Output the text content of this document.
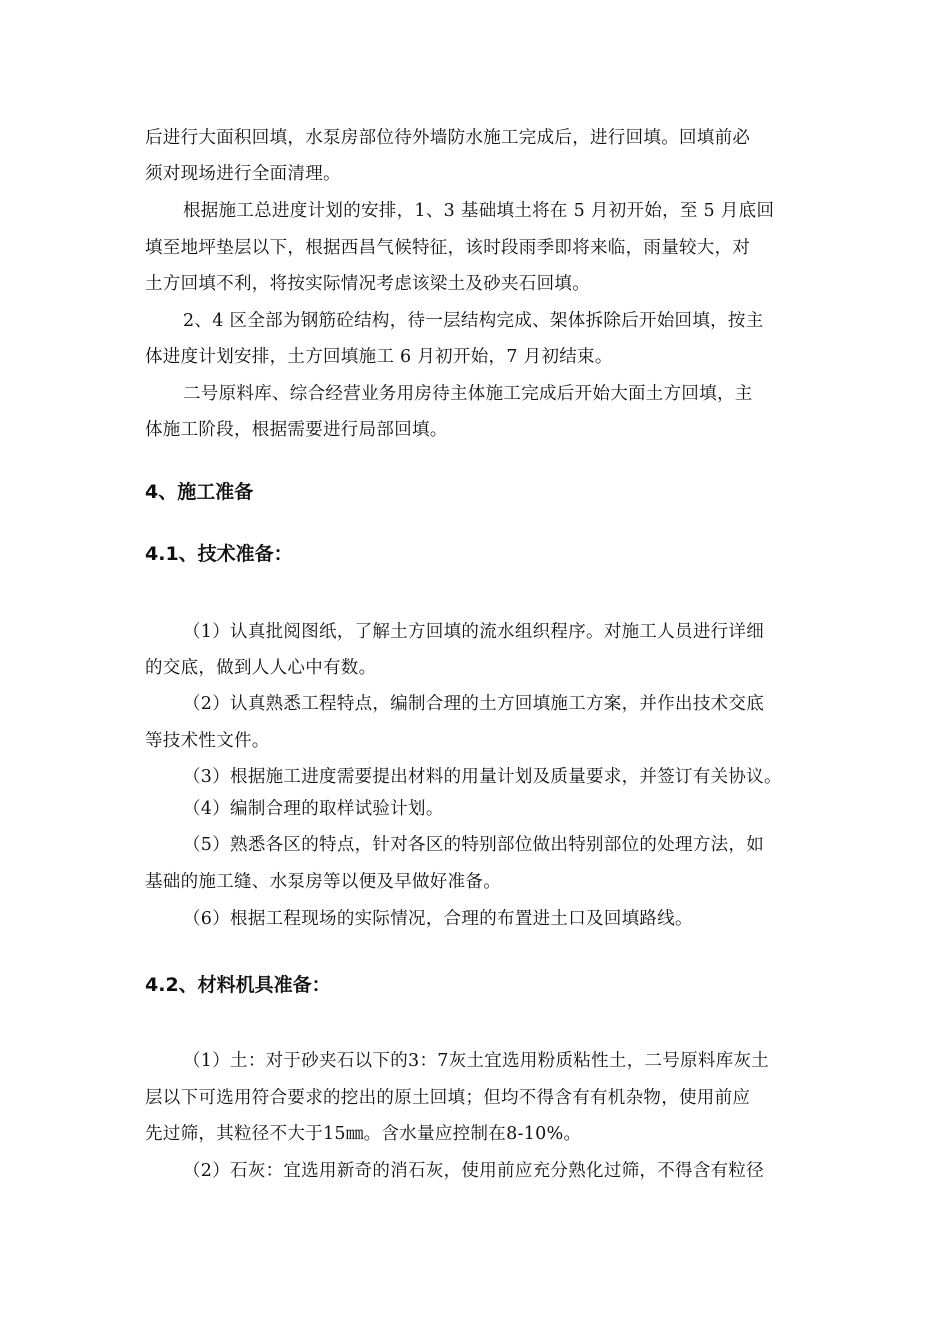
后进行大面积回填，水泵房部位待外墙防水施工完成后，进行回填。回填前必
须对现场进行全面清理。
根据施工总进度计划的安排，1、3 基础填土将在 5 月初开始，至 5 月底回
填至地坪垫层以下，根据西昌气候特征，该时段雨季即将来临，雨量较大，对
土方回填不利，将按实际情况考虑该梁土及砂夹石回填。
2、4 区全部为钢筋砼结构，待一层结构完成、架体拆除后开始回填，按主
体进度计划安排，土方回填施工 6 月初开始，7 月初结束。
二号原料库、综合经营业务用房待主体施工完成后开始大面土方回填，主
体施工阶段，根据需要进行局部回填。
4、施工准备
4.1、技术准备：
（1）认真批阅图纸，了解土方回填的流水组织程序。对施工人员进行详细
的交底，做到人人心中有数。
（2）认真熟悉工程特点，编制合理的土方回填施工方案，并作出技术交底
等技术性文件。
（3）根据施工进度需要提出材料的用量计划及质量要求，并签订有关协议。
（4）编制合理的取样试验计划。
（5）熟悉各区的特点，针对各区的特别部位做出特别部位的处理方法，如
基础的施工缝、水泵房等以便及早做好准备。
（6）根据工程现场的实际情况，合理的布置进土口及回填路线。
4.2、材料机具准备：
（1）土：对于砂夹石以下的3：7灰土宜选用粉质粘性土，二号原料库灰土
层以下可选用符合要求的挖出的原土回填；但均不得含有有机杂物，使用前应
先过筛，其粒径不大于15㎜。含水量应控制在8-10%。
（2）石灰：宜选用新奇的消石灰，使用前应充分熟化过筛，不得含有粒径
